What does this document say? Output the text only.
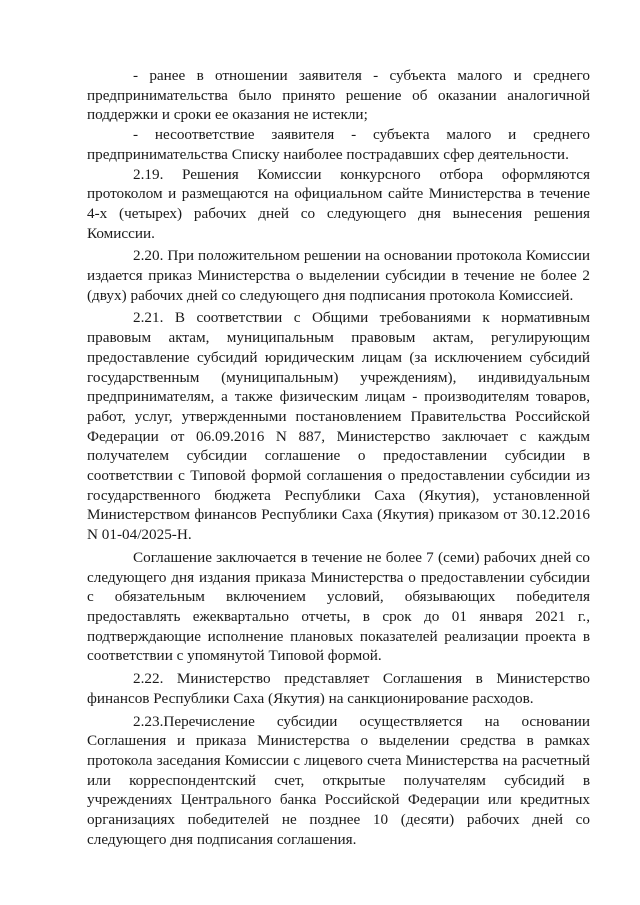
- ранее в отношении заявителя - субъекта малого и среднего предпринимательства было принято решение об оказании аналогичной поддержки и сроки ее оказания не истекли;

- несоответствие заявителя - субъекта малого и среднего предпринимательства Списку наиболее пострадавших сфер деятельности.

2.19. Решения Комиссии конкурсного отбора оформляются протоколом и размещаются на официальном сайте Министерства в течение 4-х (четырех) рабочих дней со следующего дня вынесения решения Комиссии.

2.20. При положительном решении на основании протокола Комиссии издается приказ Министерства о выделении субсидии в течение не более 2 (двух) рабочих дней со следующего дня подписания протокола Комиссией.

2.21. В соответствии с Общими требованиями к нормативным правовым актам, муниципальным правовым актам, регулирующим предоставление субсидий юридическим лицам (за исключением субсидий государственным (муниципальным) учреждениям), индивидуальным предпринимателям, а также физическим лицам - производителям товаров, работ, услуг, утвержденными постановлением Правительства Российской Федерации от 06.09.2016 N 887, Министерство заключает с каждым получателем субсидии соглашение о предоставлении субсидии в соответствии с Типовой формой соглашения о предоставлении субсидии из государственного бюджета Республики Саха (Якутия), установленной Министерством финансов Республики Саха (Якутия) приказом от 30.12.2016 N 01-04/2025-Н.

Соглашение заключается в течение не более 7 (семи) рабочих дней со следующего дня издания приказа Министерства о предоставлении субсидии с обязательным включением условий, обязывающих победителя предоставлять ежеквартально отчеты, в срок до 01 января 2021 г., подтверждающие исполнение плановых показателей реализации проекта в соответствии с упомянутой Типовой формой.

2.22. Министерство представляет Соглашения в Министерство финансов Республики Саха (Якутия) на санкционирование расходов.

2.23.Перечисление субсидии осуществляется на основании Соглашения и приказа Министерства о выделении средства в рамках протокола заседания Комиссии с лицевого счета Министерства на расчетный или корреспондентский счет, открытые получателям субсидий в учреждениях Центрального банка Российской Федерации или кредитных организациях победителей не позднее 10 (десяти) рабочих дней со следующего дня подписания соглашения.
